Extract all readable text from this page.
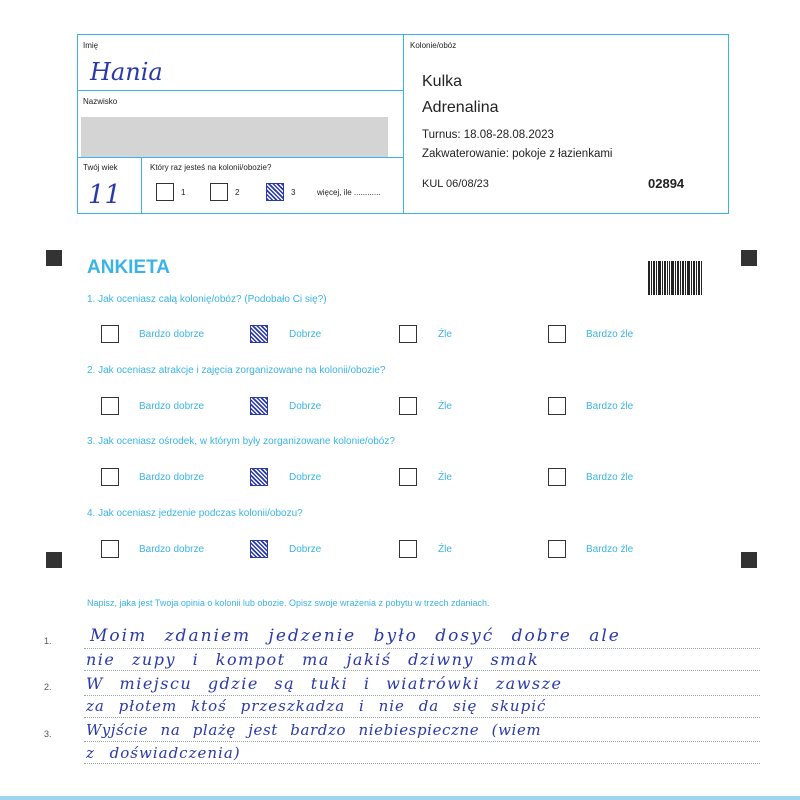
Imię
Hania
Nazwisko
Twój wiek
11
Który raz jesteś na kolonii/obozie?
1	2	3	więcej, ile ............
Kolonie/obóz
Kulka
Adrenalina
Turnus: 18.08-28.08.2023
Zakwaterowanie: pokoje z łazienkami
KUL 06/08/23	02894
ANKIETA
1. Jak oceniasz całą kolonię/obóz? (Podobało Ci się?)
Bardzo dobrze	Dobrze	Źle	Bardzo źle
2. Jak oceniasz atrakcje i zajęcia zorganizowane na kolonii/obozie?
Bardzo dobrze	Dobrze	Źle	Bardzo źle
3. Jak oceniasz ośrodek, w którym były zorganizowane kolonie/obóz?
Bardzo dobrze	Dobrze	Źle	Bardzo źle
4. Jak oceniasz jedzenie podczas kolonii/obozu?
Bardzo dobrze	Dobrze	Źle	Bardzo źle
Napisz, jaka jest Twoja opinia o kolonii lub obozie. Opisz swoje wrażenia z pobytu w trzech zdaniach.
1.
2.
3.
Moim zdaniem jedzenie było dosyć dobre ale
nie zupy i kompot ma jakiś dziwny smak
W miejscu gdzie są tuki i wiatrówki zawsze
za płotem ktoś przeszkadza i nie da się skupić
Wyjście na plażę jest bardzo niebiespieczne (wiem
z doświadczenia)
